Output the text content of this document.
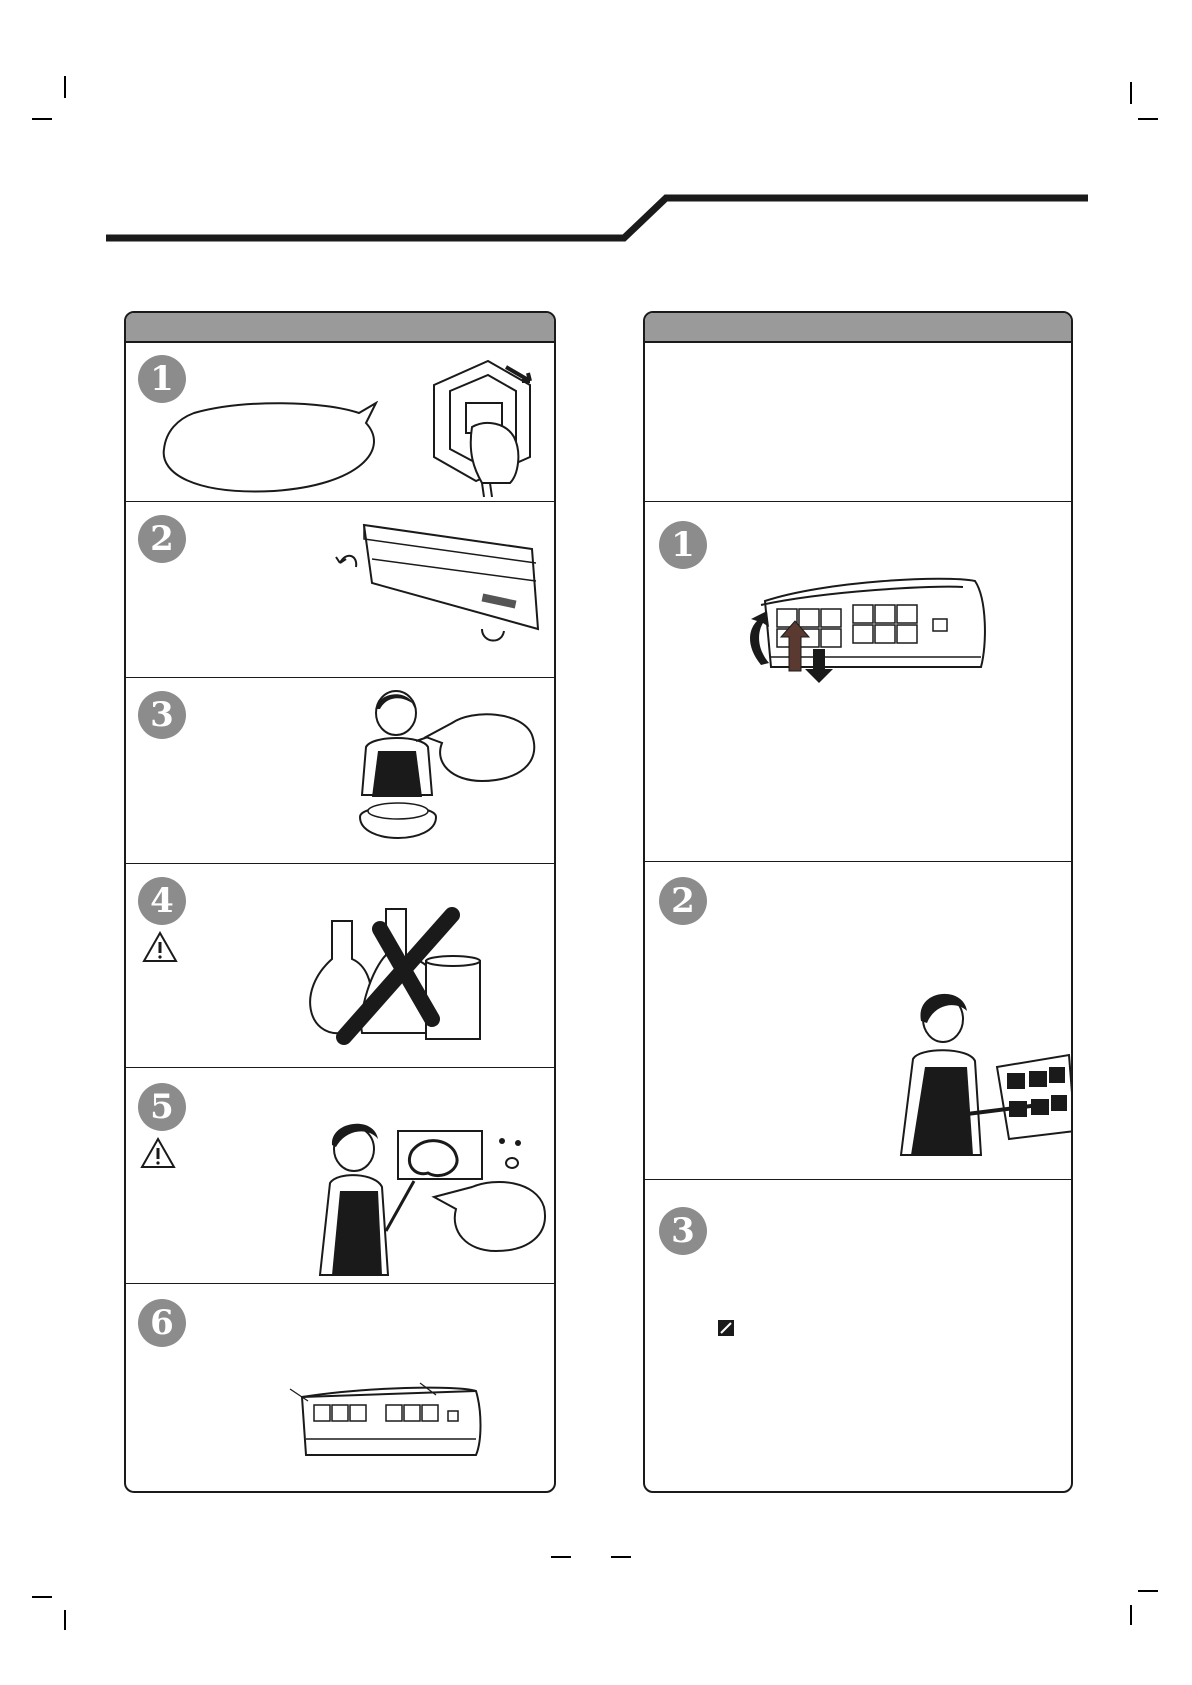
1
2
3
4
5
6
1
2
3
